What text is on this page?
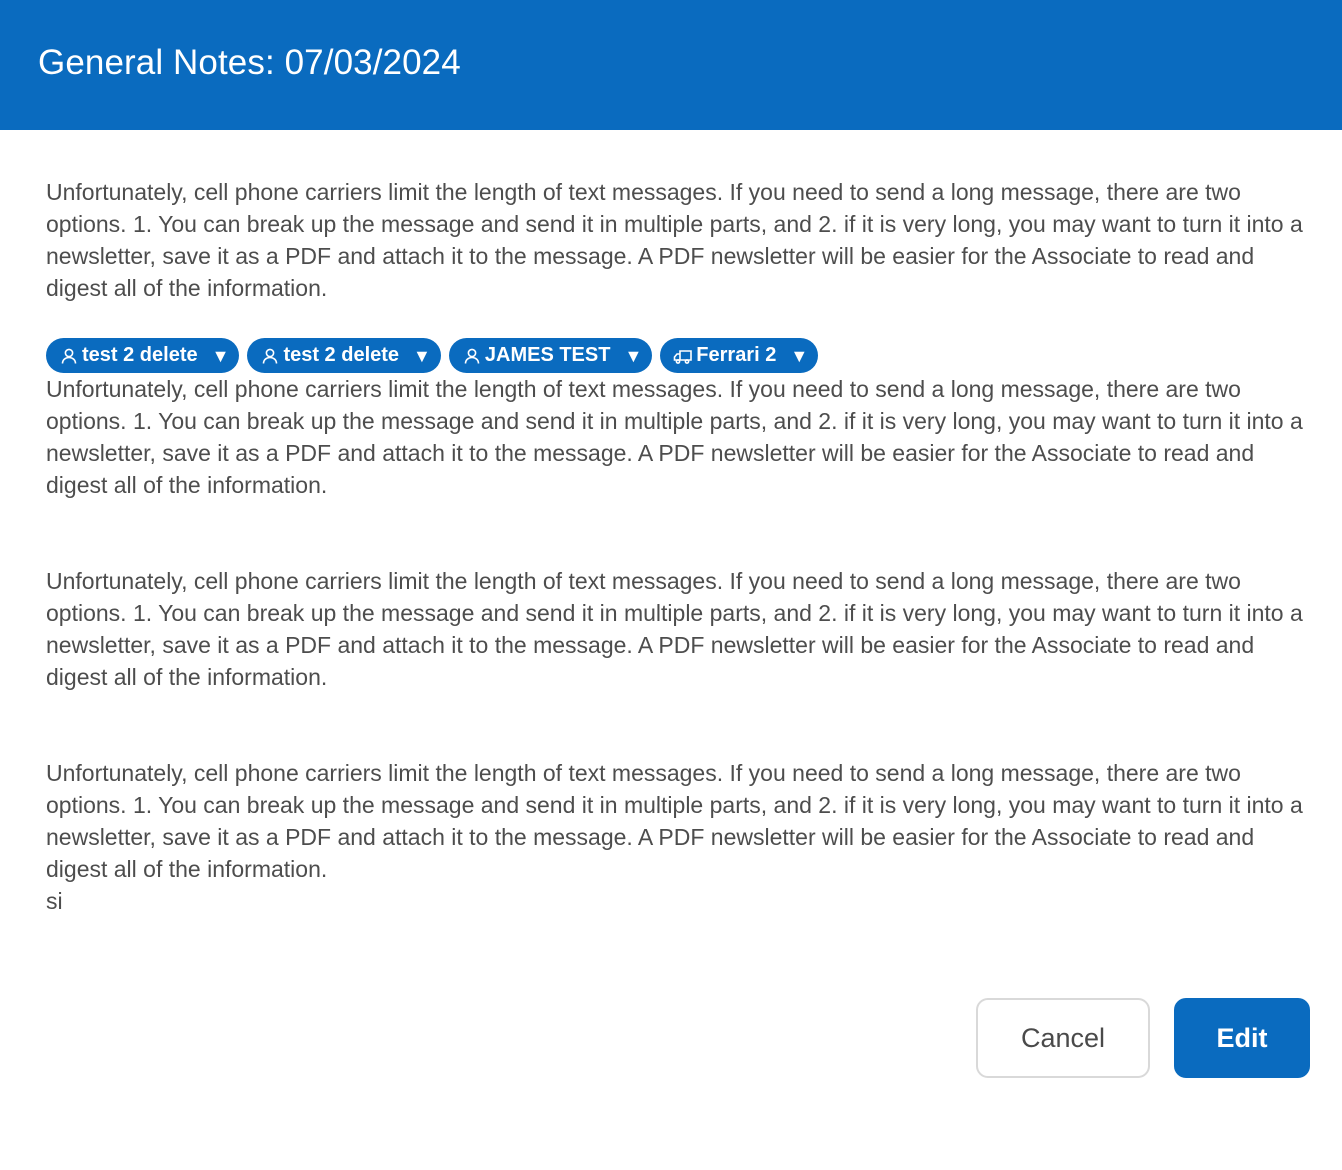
General Notes: 07/03/2024

Unfortunately, cell phone carriers limit the length of text messages. If you need to send a long message, there are two options. 1. You can break up the message and send it in multiple parts, and 2. if it is very long, you may want to turn it into a newsletter, save it as a PDF and attach it to the message. A PDF newsletter will be easier for the Associate to read and digest all of the information.

test 2 delete ▼	test 2 delete ▼	JAMES TEST ▼	Ferrari 2 ▼

Unfortunately, cell phone carriers limit the length of text messages. If you need to send a long message, there are two options. 1. You can break up the message and send it in multiple parts, and 2. if it is very long, you may want to turn it into a newsletter, save it as a PDF and attach it to the message. A PDF newsletter will be easier for the Associate to read and digest all of the information.

Unfortunately, cell phone carriers limit the length of text messages. If you need to send a long message, there are two options. 1. You can break up the message and send it in multiple parts, and 2. if it is very long, you may want to turn it into a newsletter, save it as a PDF and attach it to the message. A PDF newsletter will be easier for the Associate to read and digest all of the information.

Unfortunately, cell phone carriers limit the length of text messages. If you need to send a long message, there are two options. 1. You can break up the message and send it in multiple parts, and 2. if it is very long, you may want to turn it into a newsletter, save it as a PDF and attach it to the message. A PDF newsletter will be easier for the Associate to read and digest all of the information.

si

Cancel	Edit
